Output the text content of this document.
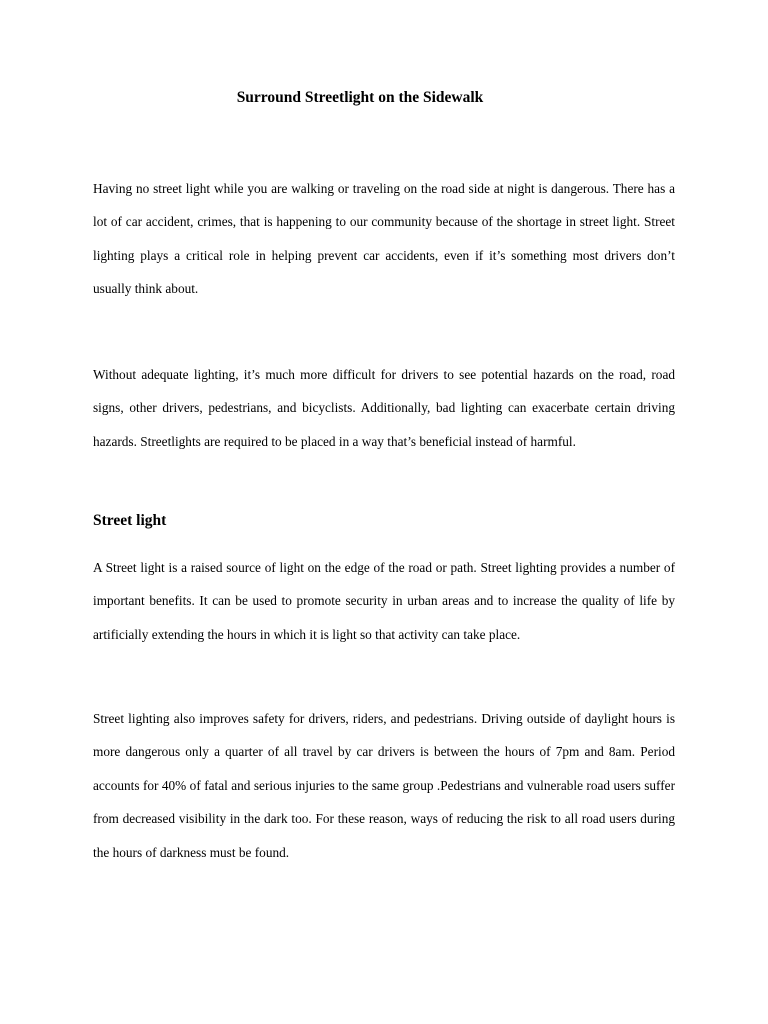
Surround Streetlight on the Sidewalk

Having no street light while you are walking or traveling on the road side at night is dangerous. There has a lot of car accident, crimes, that is happening to our community because of the shortage in street light. Street lighting plays a critical role in helping prevent car accidents, even if it’s something most drivers don’t usually think about.

Without adequate lighting, it’s much more difficult for drivers to see potential hazards on the road, road signs, other drivers, pedestrians, and bicyclists. Additionally, bad lighting can exacerbate certain driving hazards. Streetlights are required to be placed in a way that’s beneficial instead of harmful.

Street light

A Street light is a raised source of light on the edge of the road or path. Street lighting provides a number of important benefits. It can be used to promote security in urban areas and to increase the quality of life by artificially extending the hours in which it is light so that activity can take place.

Street lighting also improves safety for drivers, riders, and pedestrians. Driving outside of daylight hours is more dangerous only a quarter of all travel by car drivers is between the hours of 7pm and 8am. Period accounts for 40% of fatal and serious injuries to the same group .Pedestrians and vulnerable road users suffer from decreased visibility in the dark too. For these reason, ways of reducing the risk to all road users during the hours of darkness must be found.
